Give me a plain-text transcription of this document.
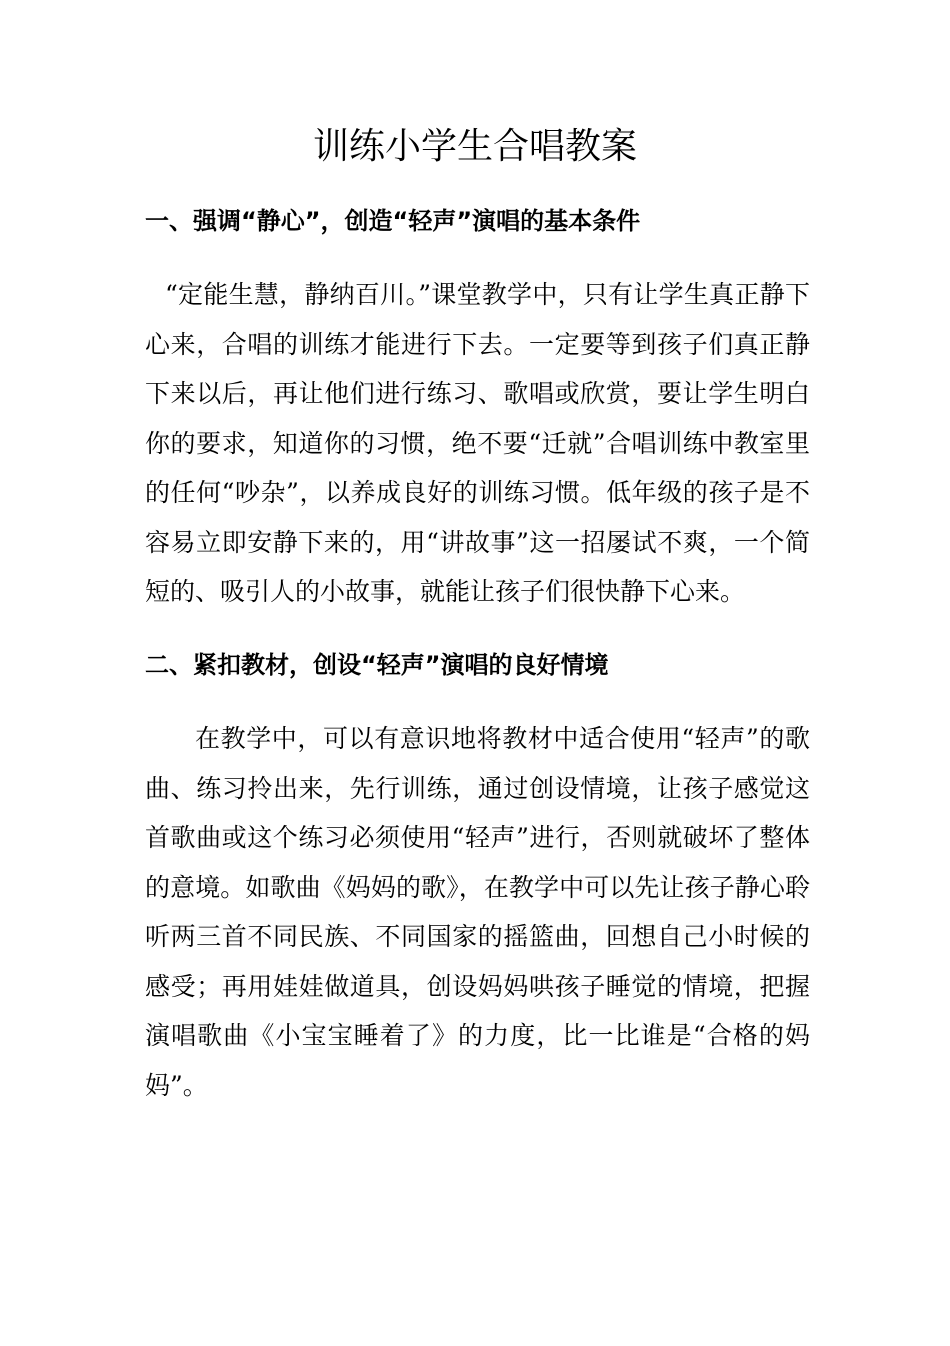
训练小学生合唱教案
一、强调“静心”，创造“轻声”演唱的基本条件

“定能生慧，静纳百川。”课堂教学中，只有让学生真正静下心来，合唱的训练才能进行下去。一定要等到孩子们真正静下来以后，再让他们进行练习、歌唱或欣赏，要让学生明白你的要求，知道你的习惯，绝不要“迁就”合唱训练中教室里的任何“吵杂”，以养成良好的训练习惯。低年级的孩子是不容易立即安静下来的，用“讲故事”这一招屡试不爽，一个简短的、吸引人的小故事，就能让孩子们很快静下心来。

二、紧扣教材，创设“轻声”演唱的良好情境

在教学中，可以有意识地将教材中适合使用“轻声”的歌曲、练习拎出来，先行训练，通过创设情境，让孩子感觉这首歌曲或这个练习必须使用“轻声”进行，否则就破坏了整体的意境。如歌曲《妈妈的歌》，在教学中可以先让孩子静心聆听两三首不同民族、不同国家的摇篮曲，回想自己小时候的感受；再用娃娃做道具，创设妈妈哄孩子睡觉的情境，把握演唱歌曲《小宝宝睡着了》的力度，比一比谁是“合格的妈妈”。
